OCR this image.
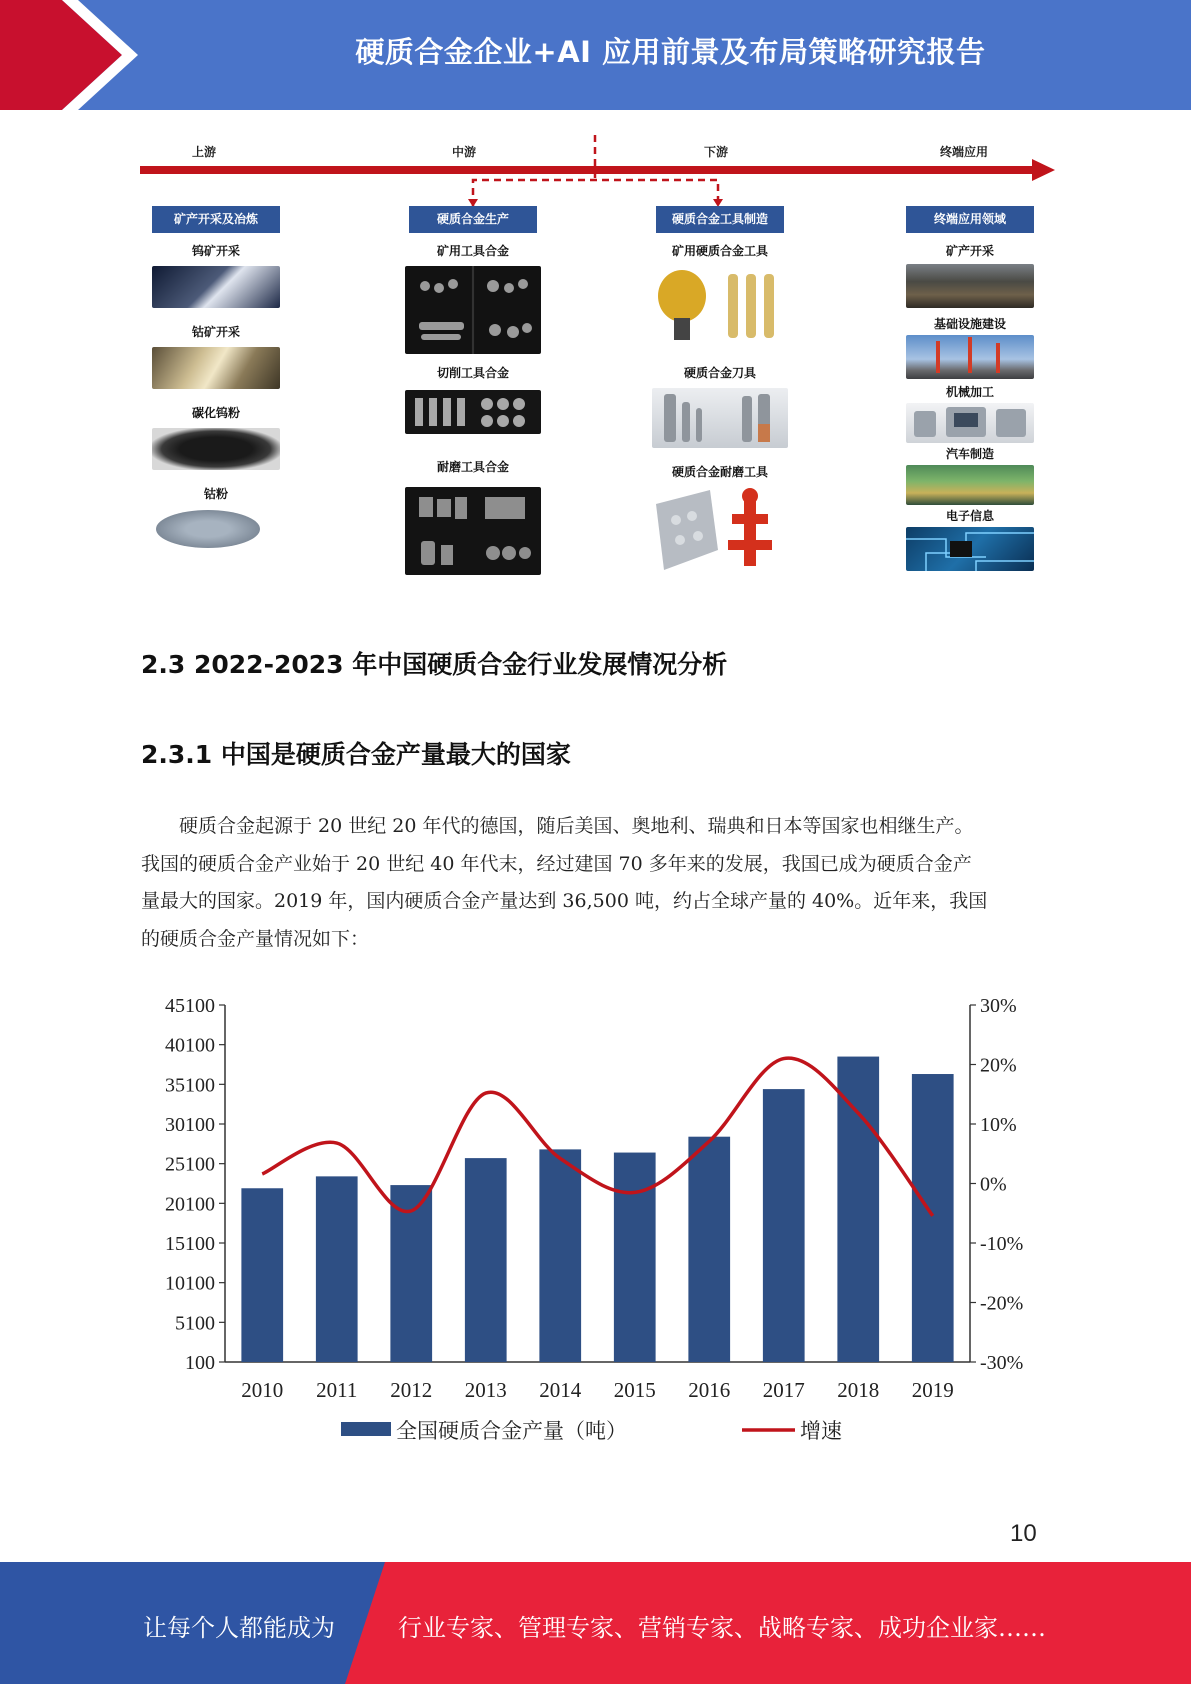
硬质合金企业+AI 应用前景及布局策略研究报告
上游	中游	下游	终端应用
矿产开采及冶炼
钨矿开采
钴矿开采
碳化钨粉
钴粉
硬质合金生产
矿用工具合金
切削工具合金
耐磨工具合金
硬质合金工具制造
矿用硬质合金工具
硬质合金刀具
硬质合金耐磨工具
终端应用领域
矿产开采
基础设施建设
机械加工
汽车制造
电子信息
2.3 2022-2023 年中国硬质合金行业发展情况分析
2.3.1 中国是硬质合金产量最大的国家
硬质合金起源于 20 世纪 20 年代的德国，随后美国、奥地利、瑞典和日本等国家也相继生产。
我国的硬质合金产业始于 20 世纪 40 年代末，经过建国 70 多年来的发展，我国已成为硬质合金产
量最大的国家。2019 年，国内硬质合金产量达到 36,500 吨，约占全球产量的 40%。近年来，我国
的硬质合金产量情况如下：
100
5100
10100
15100
20100
25100
30100
35100
40100
45100
-30%
-20%
-10%
0%
10%
20%
30%
2010 2011 2012 2013 2014 2015 2016 2017 2018 2019
全国硬质合金产量（吨）	增速
10
让每个人都能成为	行业专家、管理专家、营销专家、战略专家、成功企业家……
